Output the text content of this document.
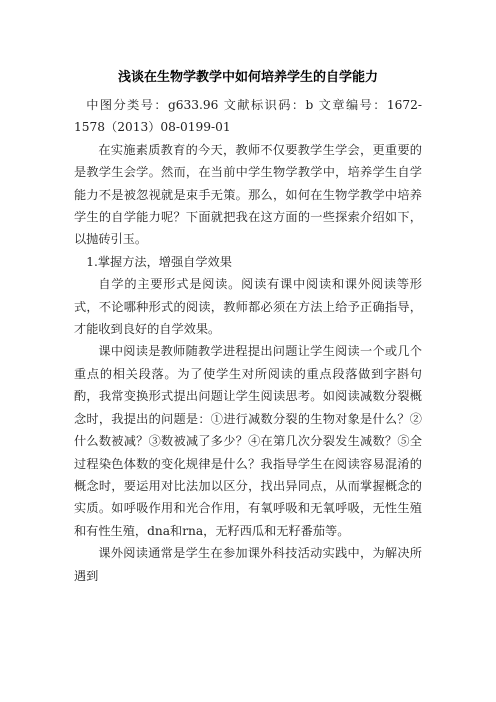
浅谈在生物学教学中如何培养学生的自学能力

中图分类号：g633.96 文献标识码：b 文章编号：1672-1578（2013）08-0199-01

在实施素质教育的今天，教师不仅要教学生学会，更重要的是教学生会学。然而，在当前中学生物学教学中，培养学生自学能力不是被忽视就是束手无策。那么，如何在生物学教学中培养学生的自学能力呢？下面就把我在这方面的一些探索介绍如下，以抛砖引玉。

1.掌握方法，增强自学效果

自学的主要形式是阅读。阅读有课中阅读和课外阅读等形式，不论哪种形式的阅读，教师都必须在方法上给予正确指导，才能收到良好的自学效果。

课中阅读是教师随教学进程提出问题让学生阅读一个或几个重点的相关段落。为了使学生对所阅读的重点段落做到字斟句酌，我常变换形式提出问题让学生阅读思考。如阅读减数分裂概念时，我提出的问题是：①进行减数分裂的生物对象是什么？②什么数被减？③数被减了多少？④在第几次分裂发生减数？⑤全过程染色体数的变化规律是什么？我指导学生在阅读容易混淆的概念时，要运用对比法加以区分，找出异同点，从而掌握概念的实质。如呼吸作用和光合作用，有氧呼吸和无氧呼吸，无性生殖和有性生殖，dna和rna，无籽西瓜和无籽番茄等。

课外阅读通常是学生在参加课外科技活动实践中，为解决所遇到
